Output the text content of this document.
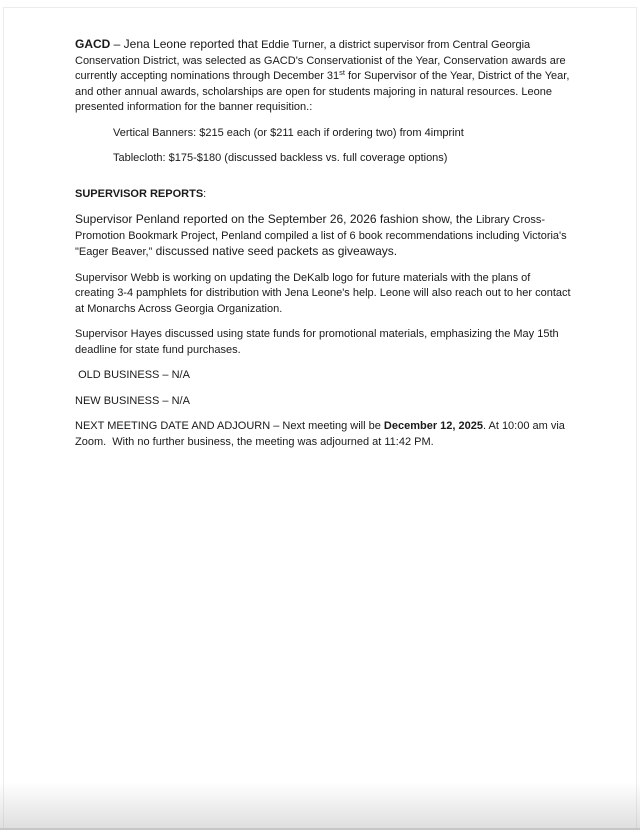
GACD – Jena Leone reported that Eddie Turner, a district supervisor from Central Georgia Conservation District, was selected as GACD's Conservationist of the Year, Conservation awards are currently accepting nominations through December 31st for Supervisor of the Year, District of the Year, and other annual awards, scholarships are open for students majoring in natural resources. Leone presented information for the banner requisition.:

Vertical Banners: $215 each (or $211 each if ordering two) from 4imprint

Tablecloth: $175-$180 (discussed backless vs. full coverage options)

SUPERVISOR REPORTS:

Supervisor Penland reported on the September 26, 2026 fashion show, the Library Cross-Promotion Bookmark Project, Penland compiled a list of 6 book recommendations including Victoria's "Eager Beaver,” discussed native seed packets as giveaways.

Supervisor Webb is working on updating the DeKalb logo for future materials with the plans of creating 3-4 pamphlets for distribution with Jena Leone's help. Leone will also reach out to her contact at Monarchs Across Georgia Organization.

Supervisor Hayes discussed using state funds for promotional materials, emphasizing the May 15th deadline for state fund purchases.

OLD BUSINESS – N/A

NEW BUSINESS – N/A

NEXT MEETING DATE AND ADJOURN – Next meeting will be December 12, 2025. At 10:00 am via Zoom.  With no further business, the meeting was adjourned at 11:42 PM.
